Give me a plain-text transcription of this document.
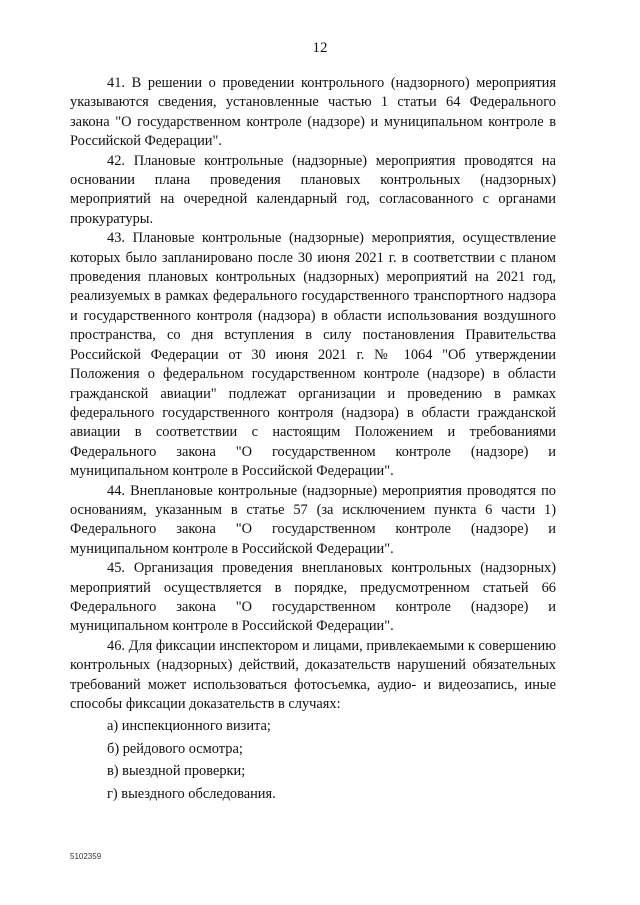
12

41. В решении о проведении контрольного (надзорного) мероприятия указываются сведения, установленные частью 1 статьи 64 Федерального закона "О государственном контроле (надзоре) и муниципальном контроле в Российской Федерации".

42. Плановые контрольные (надзорные) мероприятия проводятся на основании плана проведения плановых контрольных (надзорных) мероприятий на очередной календарный год, согласованного с органами прокуратуры.

43. Плановые контрольные (надзорные) мероприятия, осуществление которых было запланировано после 30 июня 2021 г. в соответствии с планом проведения плановых контрольных (надзорных) мероприятий на 2021 год, реализуемых в рамках федерального государственного транспортного надзора и государственного контроля (надзора) в области использования воздушного пространства, со дня вступления в силу постановления Правительства Российской Федерации от 30 июня 2021 г. № 1064 "Об утверждении Положения о федеральном государственном контроле (надзоре) в области гражданской авиации" подлежат организации и проведению в рамках федерального государственного контроля (надзора) в области гражданской авиации в соответствии с настоящим Положением и требованиями Федерального закона "О государственном контроле (надзоре) и муниципальном контроле в Российской Федерации".

44. Внеплановые контрольные (надзорные) мероприятия проводятся по основаниям, указанным в статье 57 (за исключением пункта 6 части 1) Федерального закона "О государственном контроле (надзоре) и муниципальном контроле в Российской Федерации".

45. Организация проведения внеплановых контрольных (надзорных) мероприятий осуществляется в порядке, предусмотренном статьей 66 Федерального закона "О государственном контроле (надзоре) и муниципальном контроле в Российской Федерации".

46. Для фиксации инспектором и лицами, привлекаемыми к совершению контрольных (надзорных) действий, доказательств нарушений обязательных требований может использоваться фотосъемка, аудио- и видеозапись, иные способы фиксации доказательств в случаях:

а) инспекционного визита;
б) рейдового осмотра;
в) выездной проверки;
г) выездного обследования.
5102359
